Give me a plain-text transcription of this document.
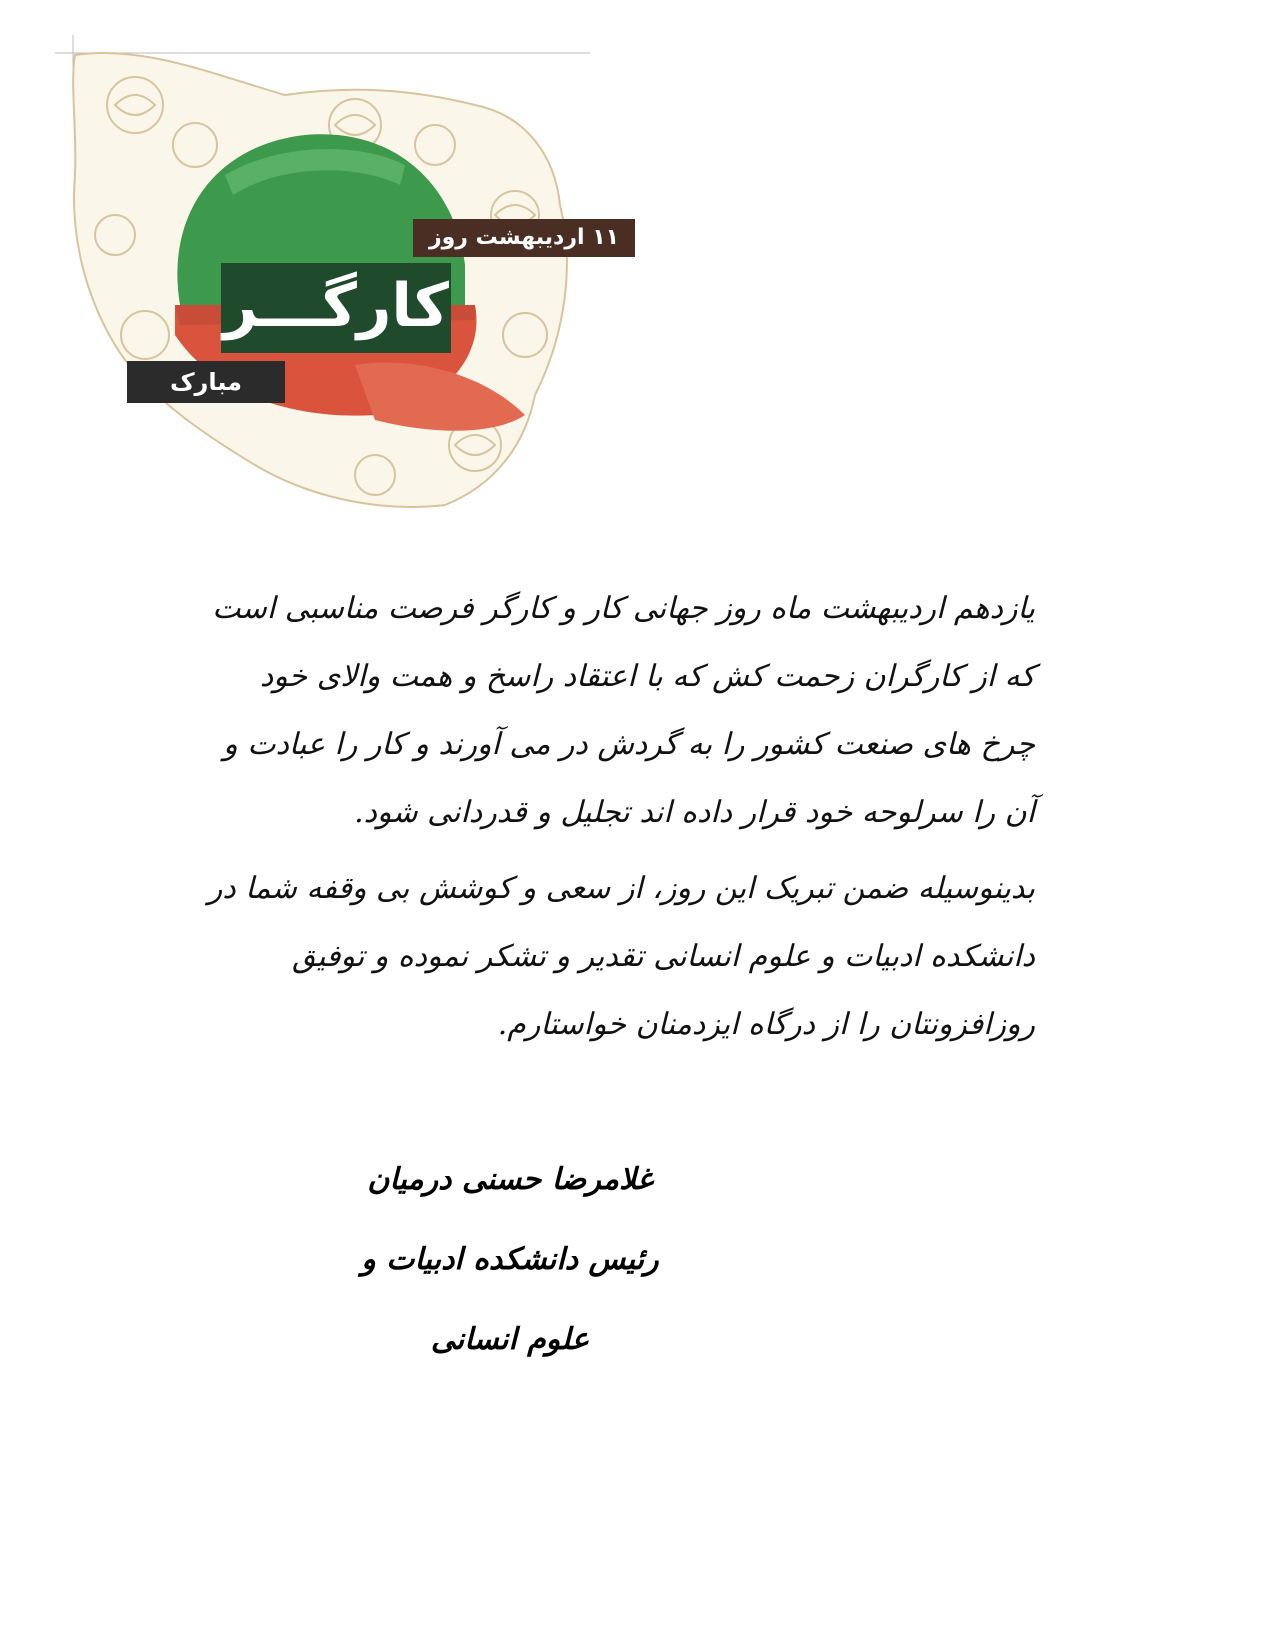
۱۱ اردیبهشت روز
کارگـــر
مبارک

یازدهم اردیبهشت ماه روز جهانی کار و کارگر فرصت مناسبی است که از کارگران زحمت کش که با اعتقاد راسخ و همت والای خود چرخ های صنعت کشور را به گردش در می آورند و کار را عبادت و آن را سرلوحه خود قرار داده اند تجلیل و قدردانی شود.

بدینوسیله ضمن تبریک این روز، از سعی و کوشش بی وقفه شما در دانشکده ادبیات و علوم انسانی تقدیر و تشکر نموده و توفیق روزافزونتان را از درگاه ایزدمنان خواستارم.

غلامرضا حسنی درمیان
رئیس دانشکده ادبیات و علوم انسانی
